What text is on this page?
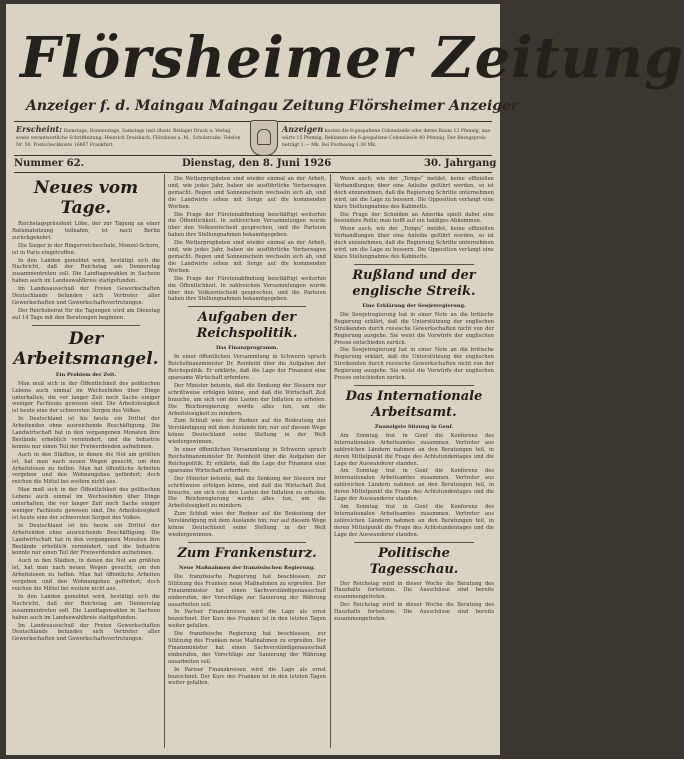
Flörsheimer Zeitung
Anzeiger f. d. Maingau Maingau Zeitung Flörsheimer Anzeiger
Erscheint: Dienstags, Donnerstags, Samstags (mit illustr. Beilage) Druck u. Verlag sowie verantwortliche Schriftleitung: Heinrich Dreisbach, Flörsheim a. M., Schulstraße. Telefon Nr. 59. Postscheckkonto 16867 Frankfurt.
Anzeigen kosten die 6-gespaltene Colonelzeile oder deren Raum 12 Pfennig, aus-wärts 15 Pfennig. Reklamen die 6-gespaltene Colonelzeile 40 Pfennig. Der Bezugspreis beträgt 1.— Mk. Bei Postbezug 1.30 Mk.
Nummer 62.	Dienstag, den 8. Juni 1926	30. Jahrgang
Neues vom Tage.

Reichstagspräsident Löbe, der zur Tagung an einer Rationalsitzung teilnahm, ist nach Berlin zurückgekehrt.

Die Sieger in der Ringerreichsschule, Menzel-Schorn, ist in Paris eingetroffen.

In den Landen gemeldet wird, bestätigt sich die Nachricht, daß der Reichstag am Donnerstag zusammentreten soll. Die Landtagswahlen in Sachsen haben auch im Landeswahlkreis stattgefunden.

Im Landesausschuß der Freien Gewerkschaften Deutschlands befanden sich Vertreter aller Gewerkschaften und Gewerkschaftsvertretungen.

Der Reichsbeirat für die Tagungen wird am Dienstag auf 14 Tage mit den Beratungen beginnen.

Der Arbeitsmangel.
Ein Problem der Zeit.

Man muß sich in der Öffentlichkeit des politischen Lebens auch einmal im Wechselnden über Dinge unterhalten, die vor langer Zeit noch Sache einiger weniger Fachleute gewesen sind. Die Arbeitslosigkeit ist heute eine der schwersten Sorgen des Volkes.

In Deutschland ist bis heute ein Drittel der Arbeitenden ohne ausreichende Beschäftigung. Die Landwirtschaft hat in den vergangenen Monaten ihre Bestände erheblich vermindert, und die Industrie konnte nur einen Teil der Freiwerdenden aufnehmen.

Auch in den Städten, in denen die Not am größten ist, hat man nach neuen Wegen gesucht, um den Arbeitslosen zu helfen. Man hat öffentliche Arbeiten vergeben und den Wohnungsbau gefördert; doch reichen die Mittel bei weitem nicht aus.

Man muß sich in der Öffentlichkeit des politischen Lebens auch einmal im Wechselnden über Dinge unterhalten, die vor langer Zeit noch Sache einiger weniger Fachleute gewesen sind. Die Arbeitslosigkeit ist heute eine der schwersten Sorgen des Volkes.

In Deutschland ist bis heute ein Drittel der Arbeitenden ohne ausreichende Beschäftigung. Die Landwirtschaft hat in den vergangenen Monaten ihre Bestände erheblich vermindert, und die Industrie konnte nur einen Teil der Freiwerdenden aufnehmen.

Auch in den Städten, in denen die Not am größten ist, hat man nach neuen Wegen gesucht, um den Arbeitslosen zu helfen. Man hat öffentliche Arbeiten vergeben und den Wohnungsbau gefördert; doch reichen die Mittel bei weitem nicht aus.

In den Landen gemeldet wird, bestätigt sich die Nachricht, daß der Reichstag am Donnerstag zusammentreten soll. Die Landtagswahlen in Sachsen haben auch im Landeswahlkreis stattgefunden.

Im Landesausschuß der Freien Gewerkschaften Deutschlands befanden sich Vertreter aller Gewerkschaften und Gewerkschaftsvertretungen.

Die Wetterpropheten sind wieder einmal an der Arbeit, und, wie jedes Jahr, haben sie ausführliche Vorhersagen gemacht. Regen und Sonnenschein wechseln sich ab, und die Landwirte sehen mit Sorge auf die kommenden Wochen.

Die Frage der Fürstenabfindung beschäftigt weiterhin die Öffentlichkeit. In zahlreichen Versammlungen wurde über den Volksentscheid gesprochen, und die Parteien haben ihre Stellungnahmen bekanntgegeben.

Die Wetterpropheten sind wieder einmal an der Arbeit, und, wie jedes Jahr, haben sie ausführliche Vorhersagen gemacht. Regen und Sonnenschein wechseln sich ab, und die Landwirte sehen mit Sorge auf die kommenden Wochen.

Die Frage der Fürstenabfindung beschäftigt weiterhin die Öffentlichkeit. In zahlreichen Versammlungen wurde über den Volksentscheid gesprochen, und die Parteien haben ihre Stellungnahmen bekanntgegeben.

Aufgaben der Reichspolitik.
Das Finanzprogramm.

In einer öffentlichen Versammlung in Schwerin sprach Reichsfinanzminister Dr. Reinhold über die Aufgaben der Reichspolitik. Er erklärte, daß die Lage der Finanzen eine sparsame Wirtschaft erfordere.

Der Minister betonte, daß die Senkung der Steuern nur schrittweise erfolgen könne, und daß die Wirtschaft Zeit brauche, um sich von den Lasten der Inflation zu erholen. Die Reichsregierung werde alles tun, um die Arbeitslosigkeit zu mindern.

Zum Schluß wies der Redner auf die Bedeutung der Verständigung mit dem Auslande hin; nur auf diesem Wege könne Deutschland seine Stellung in der Welt wiedergewinnen.

In einer öffentlichen Versammlung in Schwerin sprach Reichsfinanzminister Dr. Reinhold über die Aufgaben der Reichspolitik. Er erklärte, daß die Lage der Finanzen eine sparsame Wirtschaft erfordere.

Der Minister betonte, daß die Senkung der Steuern nur schrittweise erfolgen könne, und daß die Wirtschaft Zeit brauche, um sich von den Lasten der Inflation zu erholen. Die Reichsregierung werde alles tun, um die Arbeitslosigkeit zu mindern.

Zum Schluß wies der Redner auf die Bedeutung der Verständigung mit dem Auslande hin; nur auf diesem Wege könne Deutschland seine Stellung in der Welt wiedergewinnen.

Zum Frankensturz.
Neue Maßnahmen der französischen Regierung.

Die französische Regierung hat beschlossen, zur Stützung des Franken neue Maßnahmen zu ergreifen. Der Finanzminister hat einen Sachverständigenausschuß einberufen, der Vorschläge zur Sanierung der Währung ausarbeiten soll.

In Pariser Finanzkreisen wird die Lage als ernst bezeichnet. Der Kurs des Franken ist in den letzten Tagen weiter gefallen.

Die französische Regierung hat beschlossen, zur Stützung des Franken neue Maßnahmen zu ergreifen. Der Finanzminister hat einen Sachverständigenausschuß einberufen, der Vorschläge zur Sanierung der Währung ausarbeiten soll.

In Pariser Finanzkreisen wird die Lage als ernst bezeichnet. Der Kurs des Franken ist in den letzten Tagen weiter gefallen.

Wenn auch, wie der „Temps“ meldet, keine offiziellen Verhandlungen über eine Anleihe geführt werden, so ist doch anzunehmen, daß die Regierung Schritte unternehmen wird, um die Lage zu bessern. Die Opposition verlangt eine klare Stellungnahme des Kabinetts.

Die Frage der Schulden an Amerika spielt dabei eine besondere Rolle; man hofft auf ein baldiges Abkommen.

Wenn auch, wie der „Temps“ meldet, keine offiziellen Verhandlungen über eine Anleihe geführt werden, so ist doch anzunehmen, daß die Regierung Schritte unternehmen wird, um die Lage zu bessern. Die Opposition verlangt eine klare Stellungnahme des Kabinetts.

Rußland und der englische Streik.
Eine Erklärung der Sowjetregierung.

Die Sowjetregierung hat in einer Note an die britische Regierung erklärt, daß die Unterstützung der englischen Streikenden durch russische Gewerkschaften nicht von der Regierung ausgehe. Sie weist die Vorwürfe der englischen Presse entschieden zurück.

Die Sowjetregierung hat in einer Note an die britische Regierung erklärt, daß die Unterstützung der englischen Streikenden durch russische Gewerkschaften nicht von der Regierung ausgehe. Sie weist die Vorwürfe der englischen Presse entschieden zurück.

Das Internationale Arbeitsamt.
Zwanzigste Sitzung in Genf.

Am Sonntag trat in Genf die Konferenz des Internationalen Arbeitsamtes zusammen. Vertreter aus zahlreichen Ländern nahmen an den Beratungen teil, in deren Mittelpunkt die Frage des Achtstundentages und die Lage der Auswanderer standen.

Am Sonntag trat in Genf die Konferenz des Internationalen Arbeitsamtes zusammen. Vertreter aus zahlreichen Ländern nahmen an den Beratungen teil, in deren Mittelpunkt die Frage des Achtstundentages und die Lage der Auswanderer standen.

Am Sonntag trat in Genf die Konferenz des Internationalen Arbeitsamtes zusammen. Vertreter aus zahlreichen Ländern nahmen an den Beratungen teil, in deren Mittelpunkt die Frage des Achtstundentages und die Lage der Auswanderer standen.

Politische Tagesschau.

Der Reichstag wird in dieser Woche die Beratung des Haushalts fortsetzen. Die Ausschüsse sind bereits zusammengetreten.

Der Reichstag wird in dieser Woche die Beratung des Haushalts fortsetzen. Die Ausschüsse sind bereits zusammengetreten.
